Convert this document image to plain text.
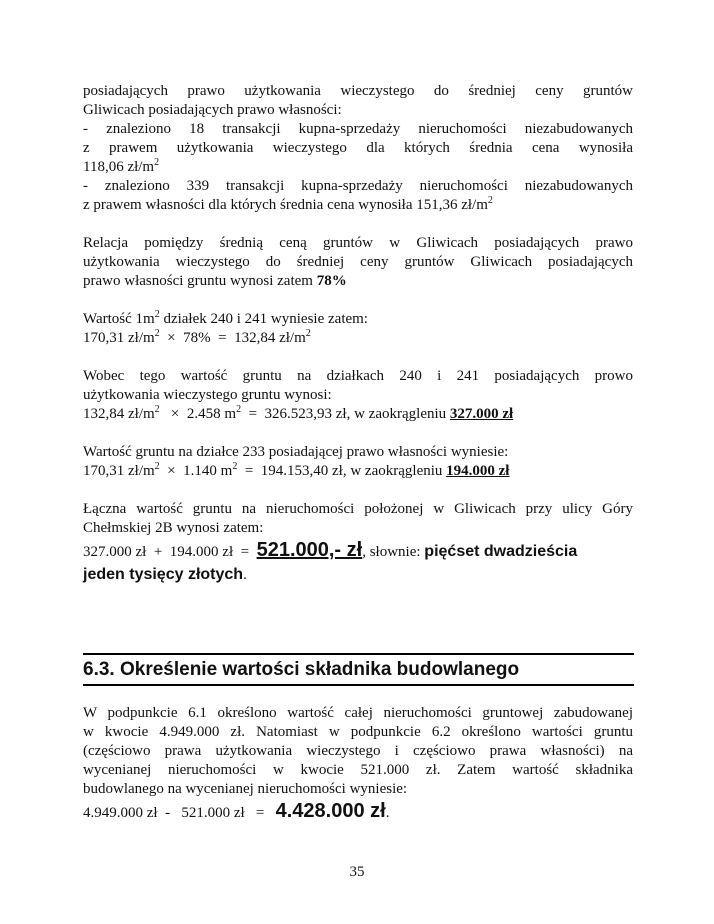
posiadających prawo użytkowania wieczystego do średniej ceny gruntów

Gliwicach posiadających prawo własności:

- znaleziono 18 transakcji kupna-sprzedaży nieruchomości niezabudowanych

z prawem użytkowania wieczystego dla których średnia cena wynosiła

118,06 $zł/m^2$

- znaleziono 339 transakcji kupna-sprzedaży nieruchomości niezabudowanych

z prawem własności dla których średnia cena wynosiła 151,36 $zł/m^2$

Relacja pomiędzy średnią ceną gruntów w Gliwicach posiadających prawo

użytkowania wieczystego do średniej ceny gruntów Gliwicach posiadających

prawo własności gruntu wynosi zatem 78%

Wartość $1m^2$ działek 240 i 241 wyniesie zatem:

170,31 $zł/m^2 \times 78\% = 132,84$ $zł/m^2$

Wobec tego wartość gruntu na działkach 240 i 241 posiadających prowo

użytkowania wieczystego gruntu wynosi:

132,84 $zł/m^2 \times 2.458$ $m^2 = 326.523,93$ zł, w zaokrągleniu 327.000 zł

Wartość gruntu na działce 233 posiadającej prawo własności wyniesie:

170,31 $zł/m^2 \times 1.140$ $m^2 = 194.153,40$ zł, w zaokrągleniu 194.000 zł

Łączna wartość gruntu na nieruchomości położonej w Gliwicach przy ulicy Góry

Chełmskiej 2B wynosi zatem:

327.000 zł  +  194.000 zł  =  521.000,- zł, słownie: pięćset dwadzieścia

jeden tysięcy złotych.

6.3. Określenie wartości składnika budowlanego

W podpunkcie 6.1 określono wartość całej nieruchomości gruntowej zabudowanej

w kwocie 4.949.000 zł. Natomiast w podpunkcie 6.2 określono wartości gruntu

(częściowo prawa użytkowania wieczystego i częściowo prawa własności) na

wycenianej nieruchomości w kwocie 521.000 zł. Zatem wartość składnika

budowlanego na wycenianej nieruchomości wyniesie:

4.949.000 zł  -   521.000 zł   =   4.428.000 zł.

35
